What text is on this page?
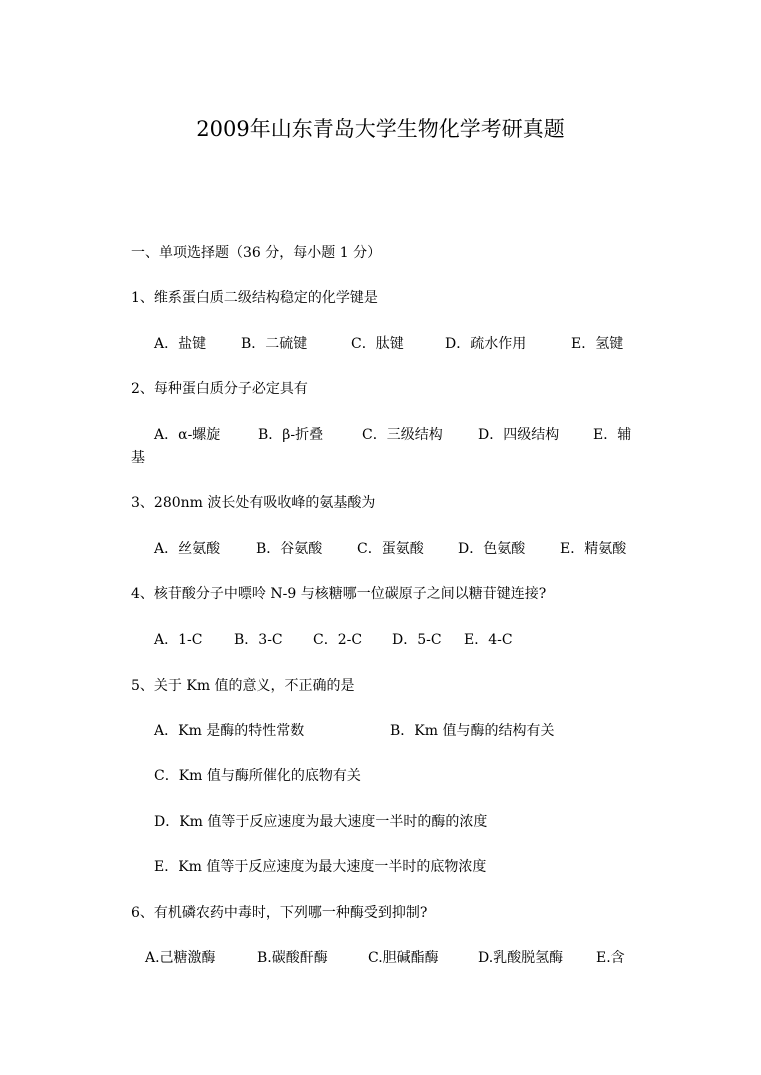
2009年山东青岛大学生物化学考研真题
一、单项选择题（36 分，每小题 1 分）
1、维系蛋白质二级结构稳定的化学键是
A．盐键 B．二硫键	C．肽键	D．疏水作用	E．氢键
2、每种蛋白质分子必定具有
A．α-螺旋	B．β-折叠	C．三级结构	D．四级结构 E．辅
基
3、280nm 波长处有吸收峰的氨基酸为
A．丝氨酸	B．谷氨酸 C．蛋氨酸 D．色氨酸 E．精氨酸
4、核苷酸分子中嘌呤 N-9 与核糖哪一位碳原子之间以糖苷键连接?
A．1-C B．3-C C．2-C D．5-C E．4-C
5、关于 Km 值的意义，不正确的是
A．Km 是酶的特性常数	B．Km 值与酶的结构有关
C．Km 值与酶所催化的底物有关
D．Km 值等于反应速度为最大速度一半时的酶的浓度
E．Km 值等于反应速度为最大速度一半时的底物浓度
6、有机磷农药中毒时，下列哪一种酶受到抑制?
A.己糖激酶	B.碳酸酐酶	C.胆碱酯酶	D.乳酸脱氢酶 E.含
